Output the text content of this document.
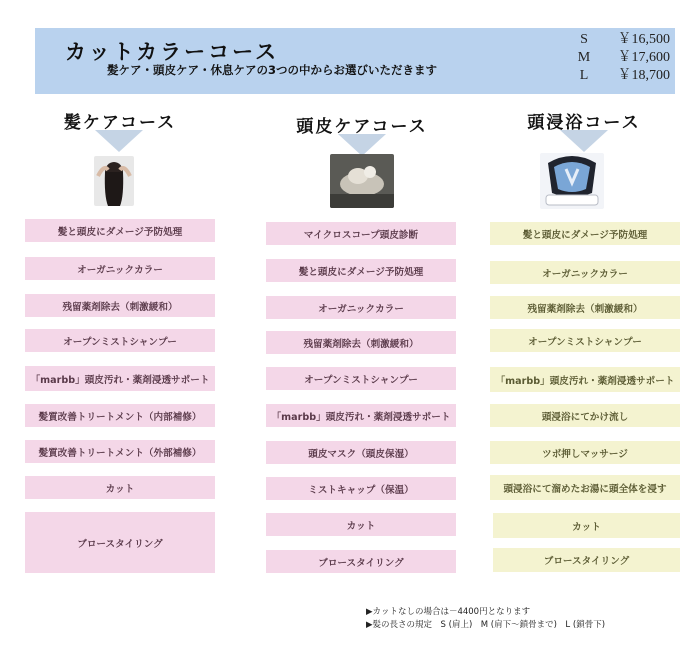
カットカラーコース
髪ケア・頭皮ケア・休息ケアの3つの中からお選びいただきます
S	￥16,500
M ￥17,600
L	￥18,700
髪ケアコース	頭皮ケアコース	頭浸浴コース
髪と頭皮にダメージ予防処理
オーガニックカラー
残留薬剤除去（刺激緩和）
オープンミストシャンプー
「marbb」頭皮汚れ・薬剤浸透サポート
髪質改善トリートメント（内部補修）
髪質改善トリートメント（外部補修）
カット
ブロースタイリング
マイクロスコープ頭皮診断
髪と頭皮にダメージ予防処理
オーガニックカラー
残留薬剤除去（刺激緩和）
オープンミストシャンプー
「marbb」頭皮汚れ・薬剤浸透サポート
頭皮マスク（頭皮保湿）
ミストキャップ（保温）
カット
ブロースタイリング
髪と頭皮にダメージ予防処理
オーガニックカラー
残留薬剤除去（刺激緩和）
オープンミストシャンプー
「marbb」頭皮汚れ・薬剤浸透サポート
頭浸浴にてかけ流し
ツボ押しマッサージ
頭浸浴にて溜めたお湯に頭全体を浸す
カット
ブロースタイリング
▶カットなしの場合は－4400円となります
▶髪の長さの規定　S (肩上)　M (肩下～鎖骨まで)　L (鎖骨下)
